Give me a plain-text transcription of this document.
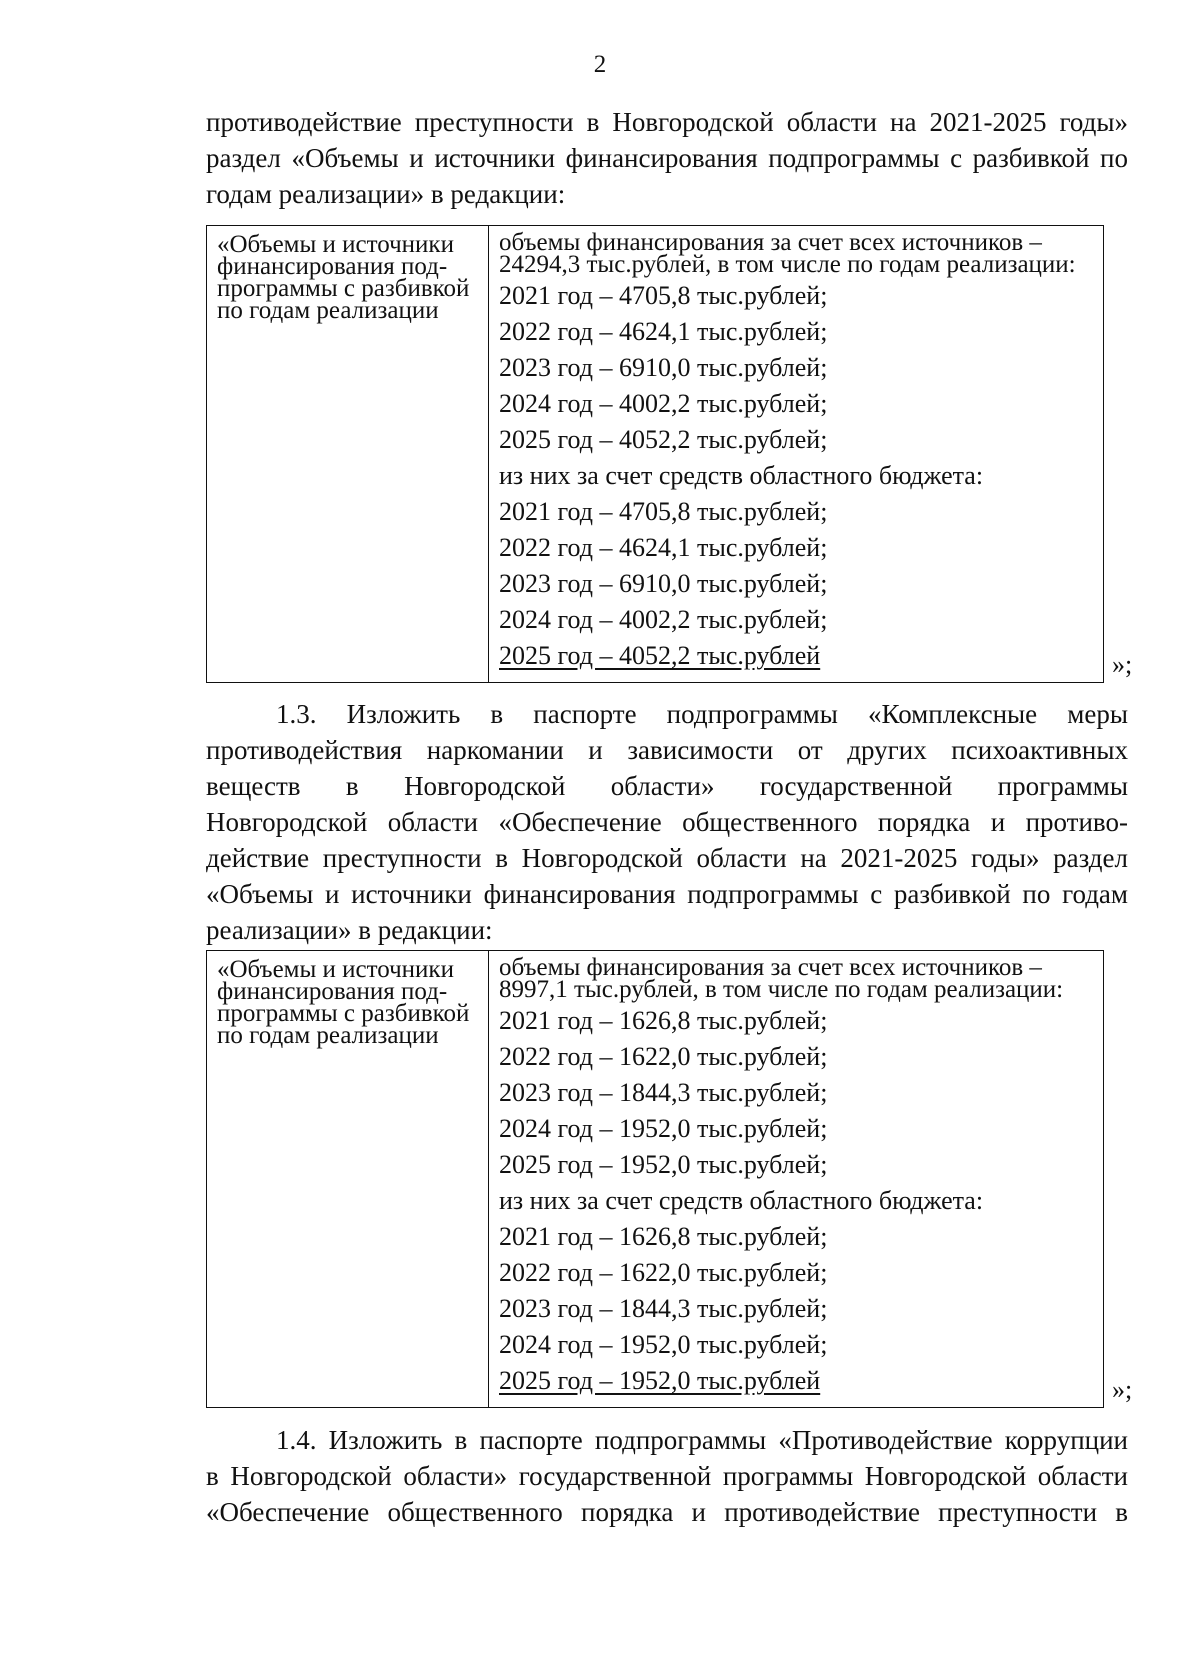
2

противодействие преступности в Новгородской области на 2021-2025 годы»
раздел «Объемы и источники финансирования подпрограммы с разбивкой по
годам реализации» в редакции:

«Объемы и источники
финансирования под-
программы с разбивкой
по годам реализации
объемы финансирования за счет всех источников –
24294,3 тыс.рублей, в том числе по годам реализации:
2021 год – 4705,8 тыс.рублей;
2022 год – 4624,1 тыс.рублей;
2023 год – 6910,0 тыс.рублей;
2024 год – 4002,2 тыс.рублей;
2025 год – 4052,2 тыс.рублей;
из них за счет средств областного бюджета:
2021 год – 4705,8 тыс.рублей;
2022 год – 4624,1 тыс.рублей;
2023 год – 6910,0 тыс.рублей;
2024 год – 4002,2 тыс.рублей;
2025 год – 4052,2 тыс.рублей	»;

1.3. Изложить в паспорте подпрограммы «Комплексные меры
противодействия наркомании и зависимости от других психоактивных
веществ в Новгородской области» государственной программы
Новгородской области «Обеспечение общественного порядка и противо-
действие преступности в Новгородской области на 2021-2025 годы» раздел
«Объемы и источники финансирования подпрограммы с разбивкой по годам
реализации» в редакции:

«Объемы и источники
финансирования под-
программы с разбивкой
по годам реализации
объемы финансирования за счет всех источников –
8997,1 тыс.рублей, в том числе по годам реализации:
2021 год – 1626,8 тыс.рублей;
2022 год – 1622,0 тыс.рублей;
2023 год – 1844,3 тыс.рублей;
2024 год – 1952,0 тыс.рублей;
2025 год – 1952,0 тыс.рублей;
из них за счет средств областного бюджета:
2021 год – 1626,8 тыс.рублей;
2022 год – 1622,0 тыс.рублей;
2023 год – 1844,3 тыс.рублей;
2024 год – 1952,0 тыс.рублей;
2025 год – 1952,0 тыс.рублей	»;

1.4. Изложить в паспорте подпрограммы «Противодействие коррупции
в Новгородской области» государственной программы Новгородской области
«Обеспечение общественного порядка и противодействие преступности в
